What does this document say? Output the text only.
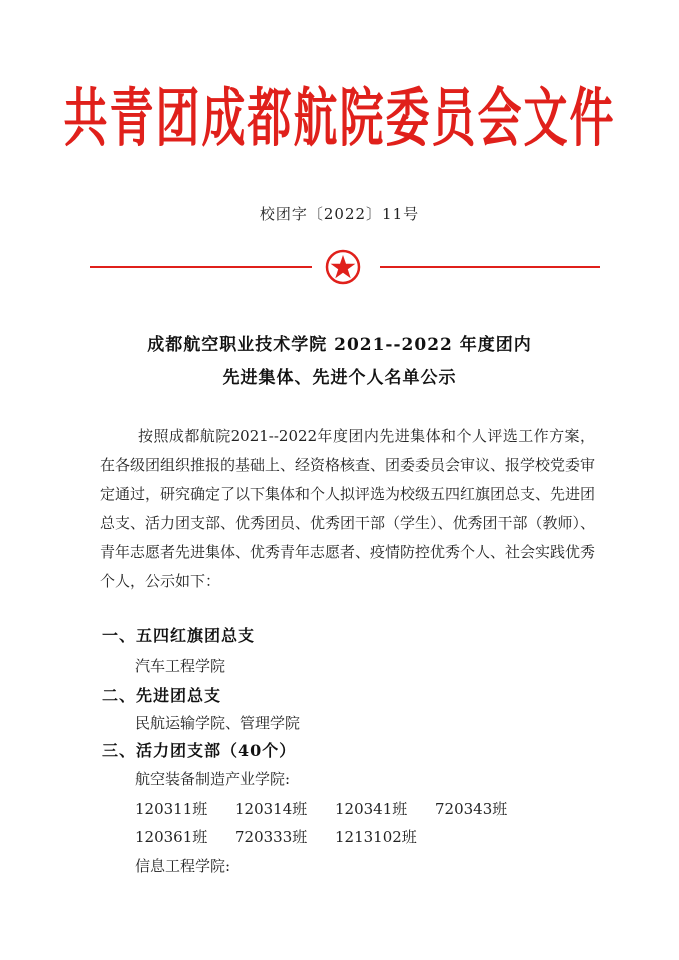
共青团成都航院委员会文件
校团字〔2022〕11号
成都航空职业技术学院 2021--2022 年度团内
先进集体、先进个人名单公示
按照成都航院2021--2022年度团内先进集体和个人评选工作方案，在各级团组织推报的基础上、经资格核查、团委委员会审议、报学校党委审定通过，研究确定了以下集体和个人拟评选为校级五四红旗团总支、先进团总支、活力团支部、优秀团员、优秀团干部（学生）、优秀团干部（教师）、青年志愿者先进集体、优秀青年志愿者、疫情防控优秀个人、社会实践优秀个人，公示如下：
一、五四红旗团总支
汽车工程学院
二、先进团总支
民航运输学院、管理学院
三、活力团支部（40个）
航空装备制造产业学院:
120311班	120314班	120341班	720343班
120361班	720333班	1213102班
信息工程学院:
